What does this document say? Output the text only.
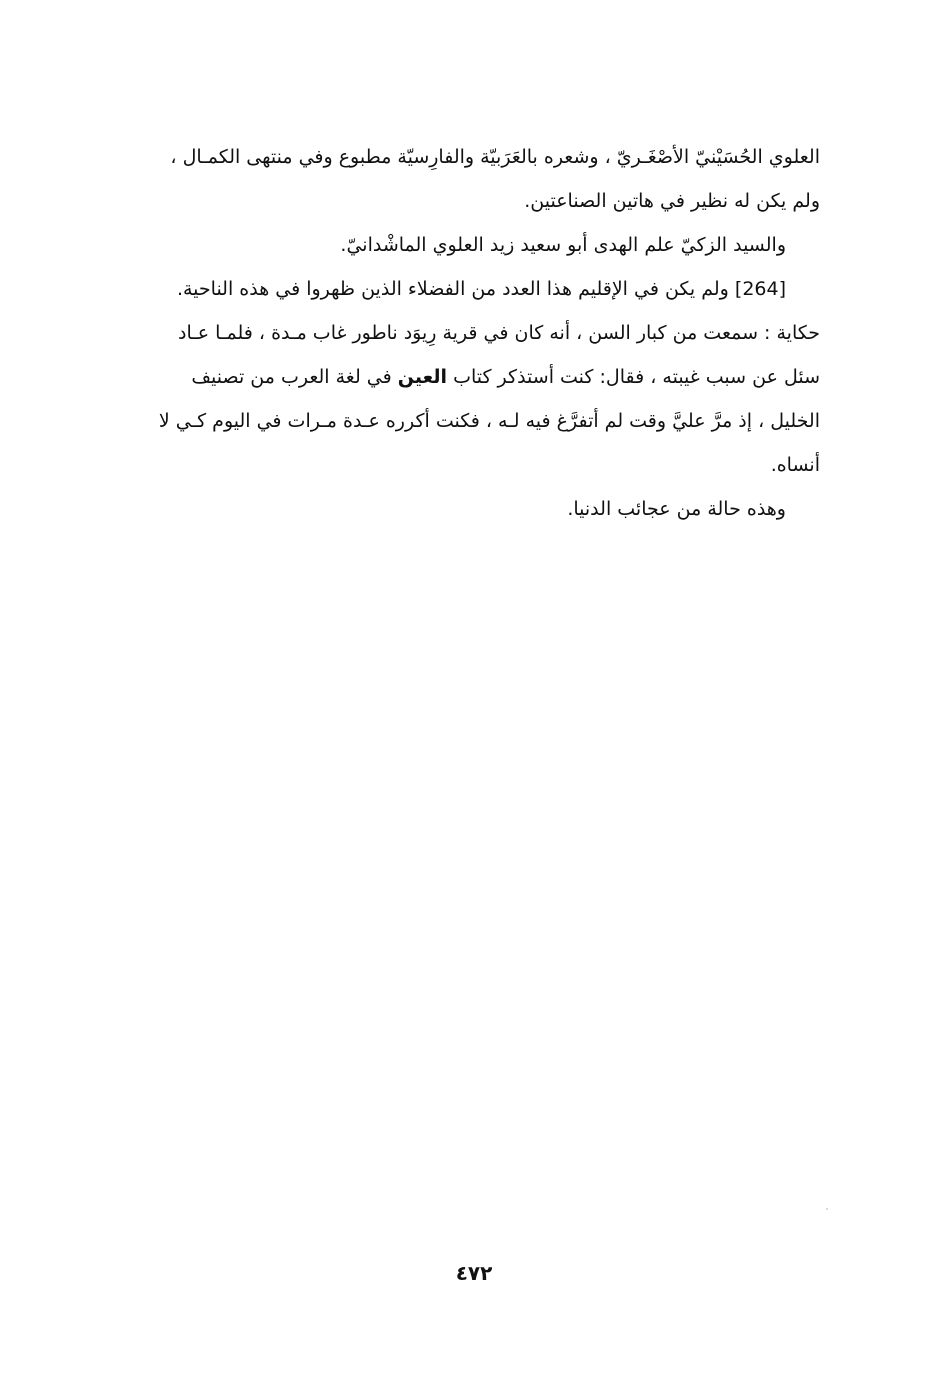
العلوي الحُسَيْنيّ الأصْغَـريّ ، وشعره بالعَرَبيّة والفارِسيّة مطبوع وفي منتهى الكمـال ،
ولم يكن له نظير في هاتين الصناعتين.

والسيد الزكيّ علم الهدى أبو سعيد زيد العلوي الماشْدانيّ.

[264] ولم يكن في الإقليم هذا العدد من الفضلاء الذين ظهروا في هذه الناحية.

حكاية : سمعت من كبار السن ، أنه كان في قرية رِيوَد ناطور غاب مـدة ، فلمـا عـاد
سئل عن سبب غيبته ، فقال: كنت أستذكر كتاب العين في لغة العرب من تصنيف
الخليل ، إذ مرَّ عليَّ وقت لم أتفرَّغ فيه لـه ، فكنت أكرره عـدة مـرات في اليوم كـي لا
أنساه.

وهذه حالة من عجائب الدنيا.

٤٧٢
